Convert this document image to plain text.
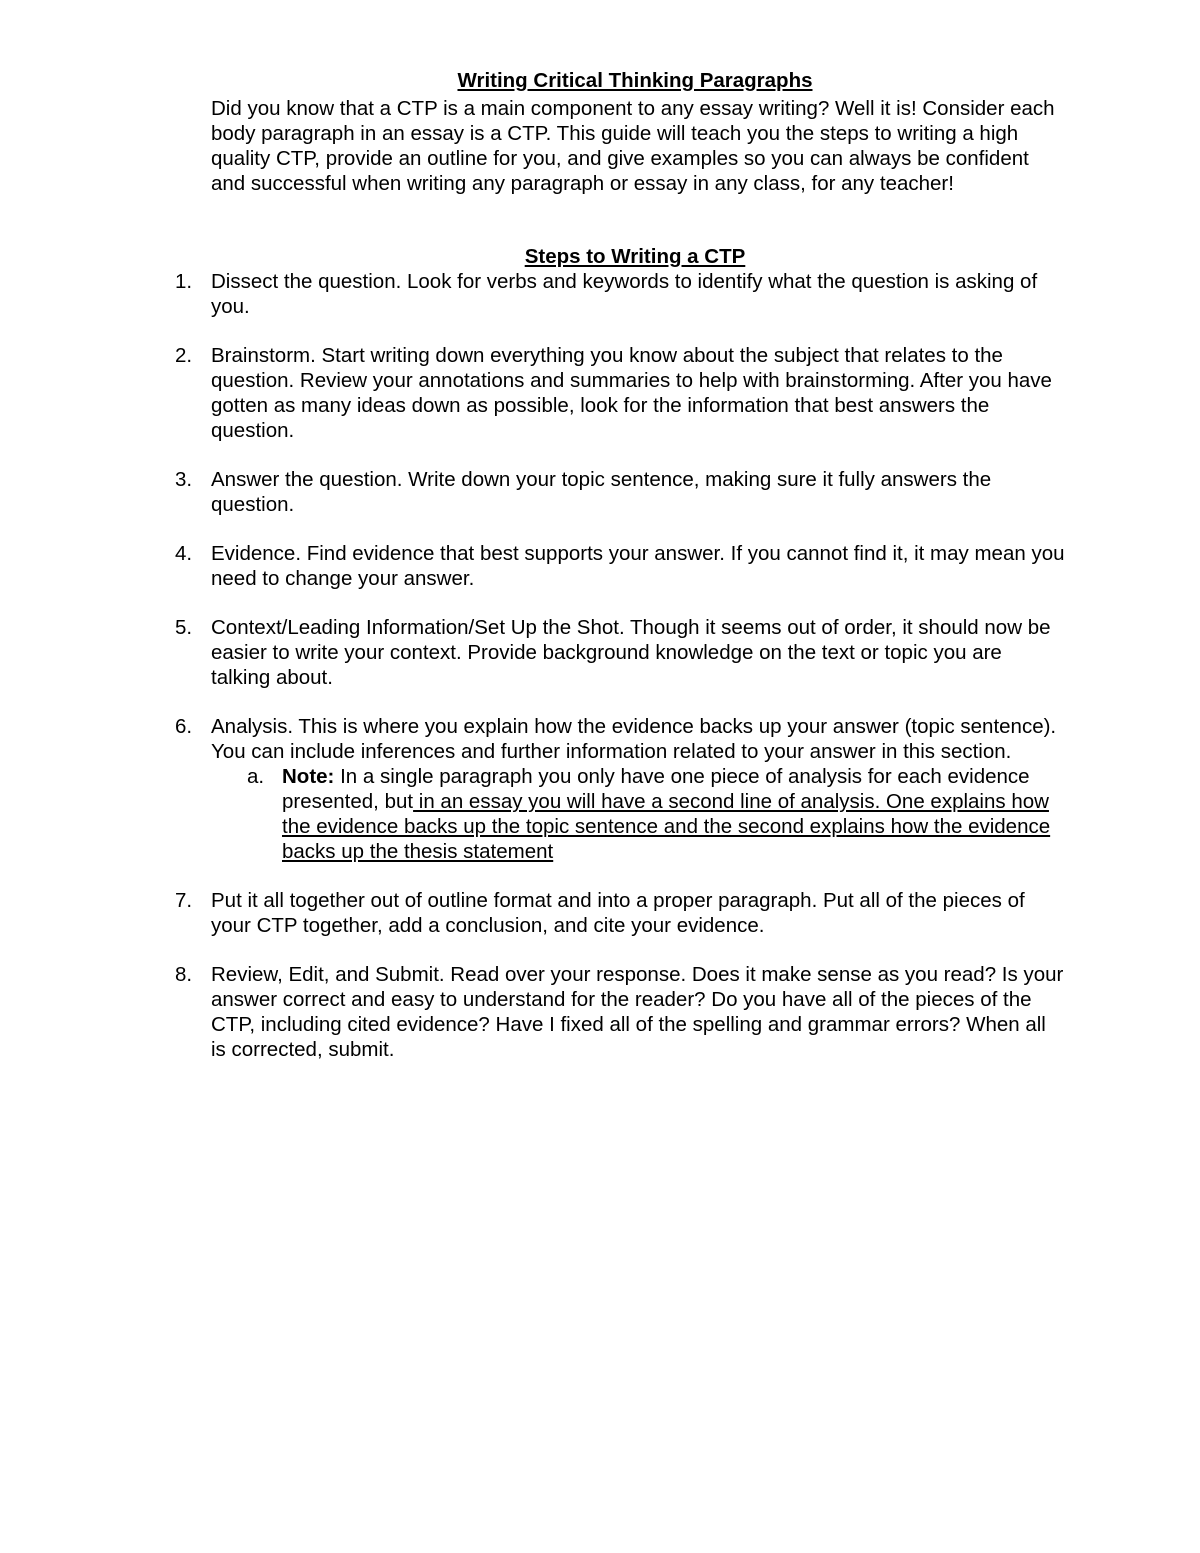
Writing Critical Thinking Paragraphs
Did you know that a CTP is a main component to any essay writing? Well it is! Consider each body paragraph in an essay is a CTP. This guide will teach you the steps to writing a high quality CTP, provide an outline for you, and give examples so you can always be confident and successful when writing any paragraph or essay in any class, for any teacher!
Steps to Writing a CTP
1. Dissect the question. Look for verbs and keywords to identify what the question is asking of you.
2. Brainstorm. Start writing down everything you know about the subject that relates to the question. Review your annotations and summaries to help with brainstorming. After you have gotten as many ideas down as possible, look for the information that best answers the question.
3. Answer the question. Write down your topic sentence, making sure it fully answers the question.
4. Evidence. Find evidence that best supports your answer. If you cannot find it, it may mean you need to change your answer.
5. Context/Leading Information/Set Up the Shot. Though it seems out of order, it should now be easier to write your context. Provide background knowledge on the text or topic you are talking about.
6. Analysis. This is where you explain how the evidence backs up your answer (topic sentence). You can include inferences and further information related to your answer in this section.
a. Note: In a single paragraph you only have one piece of analysis for each evidence presented, but in an essay you will have a second line of analysis. One explains how the evidence backs up the topic sentence and the second explains how the evidence backs up the thesis statement
7. Put it all together out of outline format and into a proper paragraph. Put all of the pieces of your CTP together, add a conclusion, and cite your evidence.
8. Review, Edit, and Submit. Read over your response. Does it make sense as you read? Is your answer correct and easy to understand for the reader? Do you have all of the pieces of the CTP, including cited evidence? Have I fixed all of the spelling and grammar errors? When all is corrected, submit.
